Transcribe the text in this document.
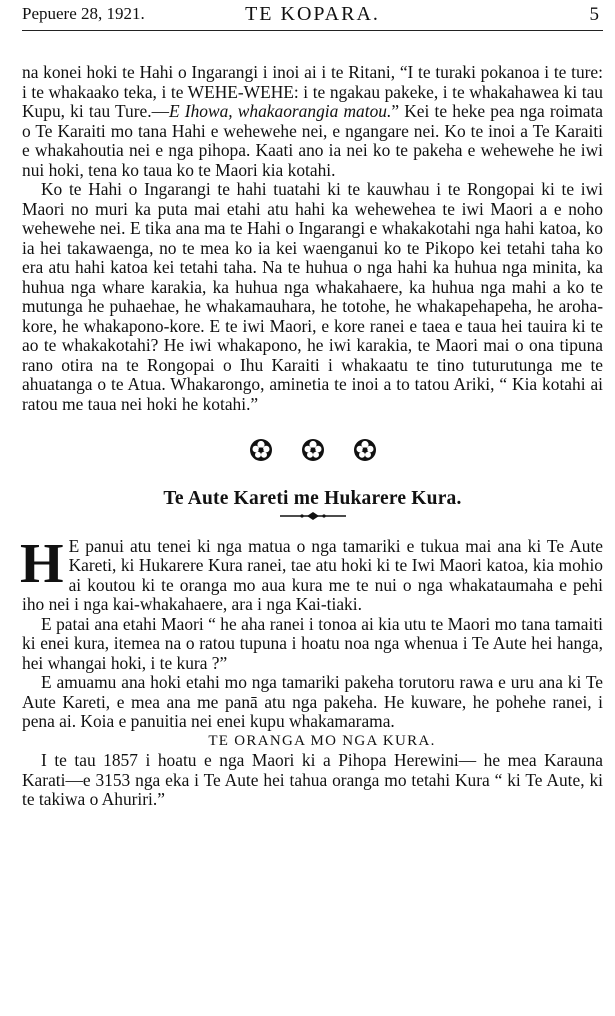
Pepuere 28, 1921.	TE KOPARA.	5

na konei hoki te Hahi o Ingarangi i inoi ai i te Ritani, “I te turaki pokanoa i te ture: i te whakaako teka, i te WEHE-WEHE: i te ngakau pakeke, i te whakahawea ki tau Kupu, ki tau Ture.—E Ihowa, whakaorangia matou.” Kei te heke pea nga roimata o Te Karaiti mo tana Hahi e wehewehe nei, e ngangare nei. Ko te inoi a Te Karaiti e whakahoutia nei e nga pihopa. Kaati ano ia nei ko te pakeha e wehewehe he iwi nui hoki, tena ko taua ko te Maori kia kotahi.

Ko te Hahi o Ingarangi te hahi tuatahi ki te kauwhau i te Rongopai ki te iwi Maori no muri ka puta mai etahi atu hahi ka wehewehea te iwi Maori a e noho wehewehe nei. E tika ana ma te Hahi o Ingarangi e whakakotahi nga hahi katoa, ko ia hei takawaenga, no te mea ko ia kei waenganui ko te Pikopo kei tetahi taha ko era atu hahi katoa kei tetahi taha. Na te huhua o nga hahi ka huhua nga minita, ka huhua nga whare karakia, ka huhua nga whakahaere, ka huhua nga mahi a ko te mutunga he puhaehae, he whakamauhara, he totohe, he whakapehapeha, he aroha-kore, he whakapono-kore. E te iwi Maori, e kore ranei e taea e taua hei tauira ki te ao te whakakotahi? He iwi whakapono, he iwi karakia, te Maori mai o ona tipuna rano otira na te Rongopai o Ihu Karaiti i whakaatu te tino tuturutunga me te ahuatanga o te Atua. Whakarongo, aminetia te inoi a to tatou Ariki, “ Kia kotahi ai ratou me taua nei hoki he kotahi.”

Te Aute Kareti me Hukarere Kura.

H E panui atu tenei ki nga matua o nga tamariki e tukua mai ana ki Te Aute Kareti, ki Hukarere Kura ranei, tae atu hoki ki te Iwi Maori katoa, kia mohio ai koutou ki te oranga mo aua kura me te nui o nga whakataumaha e pehi iho nei i nga kai-whakahaere, ara i nga Kai-tiaki.

E patai ana etahi Maori “ he aha ranei i tonoa ai kia utu te Maori mo tana tamaiti ki enei kura, itemea na o ratou tupuna i hoatu noa nga whenua i Te Aute hei hanga, hei whangai hoki, i te kura ?”

E amuamu ana hoki etahi mo nga tamariki pakeha torutoru rawa e uru ana ki Te Aute Kareti, e mea ana me panā atu nga pakeha. He kuware, he pohehe ranei, i pena ai. Koia e panuitia nei enei kupu whakamarama.

TE ORANGA MO NGA KURA.

I te tau 1857 i hoatu e nga Maori ki a Pihopa Herewini— he mea Karauna Karati—e 3153 nga eka i Te Aute hei tahua oranga mo tetahi Kura “ ki Te Aute, ki te takiwa o Ahuriri.”
